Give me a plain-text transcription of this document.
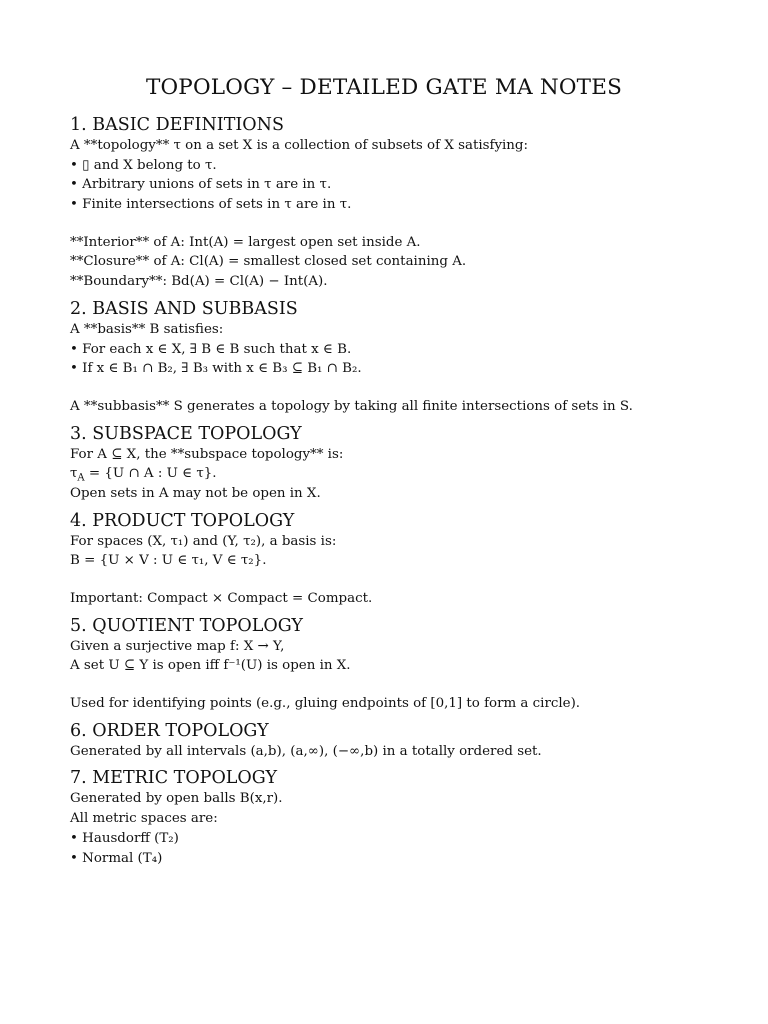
TOPOLOGY – DETAILED GATE MA NOTES
1. BASIC DEFINITIONS
A **topology** τ on a set X is a collection of subsets of X satisfying:
• ▯ and X belong to τ.
• Arbitrary unions of sets in τ are in τ.
• Finite intersections of sets in τ are in τ.
**Interior** of A: Int(A) = largest open set inside A.
**Closure** of A: Cl(A) = smallest closed set containing A.
**Boundary**: Bd(A) = Cl(A) − Int(A).
2. BASIS AND SUBBASIS
A **basis** B satisfies:
• For each x ∈ X, ∃ B ∈ B such that x ∈ B.
• If x ∈ B₁ ∩ B₂, ∃ B₃ with x ∈ B₃ ⊆ B₁ ∩ B₂.
A **subbasis** S generates a topology by taking all finite intersections of sets in S.
3. SUBSPACE TOPOLOGY
For A ⊆ X, the **subspace topology** is:
$\tau_A = \{U$ ∩ A : U ∈ τ}.
Open sets in A may not be open in X.
4. PRODUCT TOPOLOGY
For spaces (X, τ₁) and (Y, τ₂), a basis is:
B = {U × V : U ∈ τ₁, V ∈ τ₂}.
Important: Compact × Compact = Compact.
5. QUOTIENT TOPOLOGY
Given a surjective map f: X → Y,
A set U ⊆ Y is open iff f⁻¹(U) is open in X.
Used for identifying points (e.g., gluing endpoints of [0,1] to form a circle).
6. ORDER TOPOLOGY
Generated by all intervals (a,b), (a,∞), (−∞,b) in a totally ordered set.
7. METRIC TOPOLOGY
Generated by open balls B(x,r).
All metric spaces are:
• Hausdorff (T₂)
• Normal (T₄)
